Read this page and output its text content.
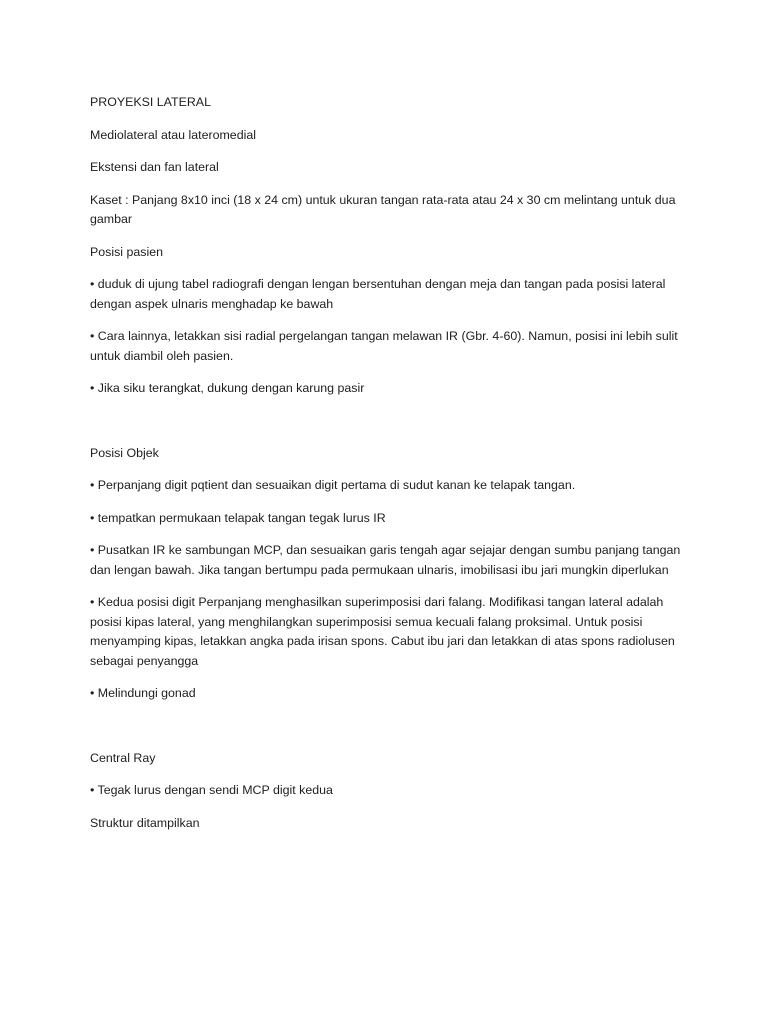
PROYEKSI LATERAL

Mediolateral atau lateromedial

Ekstensi dan fan lateral

Kaset : Panjang 8x10 inci (18 x 24 cm) untuk ukuran tangan rata-rata atau 24 x 30 cm melintang untuk dua gambar

Posisi pasien

• duduk di ujung tabel radiografi dengan lengan bersentuhan dengan meja dan tangan pada posisi lateral dengan aspek ulnaris menghadap ke bawah

• Cara lainnya, letakkan sisi radial pergelangan tangan melawan IR (Gbr. 4-60). Namun, posisi ini lebih sulit untuk diambil oleh pasien.

• Jika siku terangkat, dukung dengan karung pasir

Posisi Objek

• Perpanjang digit pqtient dan sesuaikan digit pertama di sudut kanan ke telapak tangan.

• tempatkan permukaan telapak tangan tegak lurus IR

• Pusatkan IR ke sambungan MCP, dan sesuaikan garis tengah agar sejajar dengan sumbu panjang tangan dan lengan bawah. Jika tangan bertumpu pada permukaan ulnaris, imobilisasi ibu jari mungkin diperlukan

• Kedua posisi digit Perpanjang menghasilkan superimposisi dari falang. Modifikasi tangan lateral adalah posisi kipas lateral, yang menghilangkan superimposisi semua kecuali falang proksimal. Untuk posisi menyamping kipas, letakkan angka pada irisan spons. Cabut ibu jari dan letakkan di atas spons radiolusen sebagai penyangga

• Melindungi gonad

Central Ray

• Tegak lurus dengan sendi MCP digit kedua

Struktur ditampilkan
